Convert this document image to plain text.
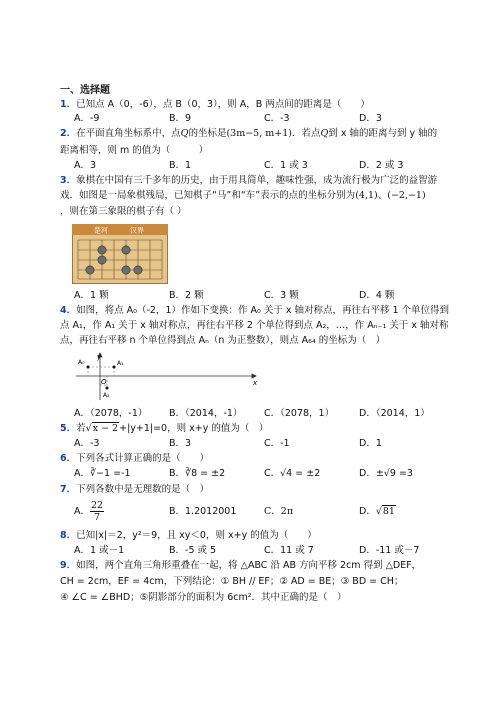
一、选择题
1．已知点 A（0，-6），点 B（0，3），则 A，B 两点间的距离是（　　）
A．-9	B．9	C．-3	D．3
2．在平面直角坐标系中，点Q的坐标是(3m−5, m+1)．若点Q到 x 轴的距离与到 y 轴的
距离相等，则 m 的值为（　　　）
A．3	B．1	C．1 或 3	D．2 或 3
3．象棋在中国有三千多年的历史，由于用具简单，趣味性强，成为流行极为广泛的益智游
戏．如图是一局象棋残局，已知棋子“马”和“车”表示的点的坐标分别为(4,1)、(−2,−1)
，则在第三象限的棋子有（ ）
楚河	汉界
A．1 颗	B．2 颗	C．3 颗	D．4 颗
4．如图，将点 A₀（-2，1）作如下变换：作 A₀ 关于 x 轴对称点，再往右平移 1 个单位得到
点 A₁，作 A₁ 关于 x 轴对称点，再往右平移 2 个单位得到点 A₂，…，作 Aₙ₋₁ 关于 x 轴对称
点，再往右平移 n 个单位得到点 Aₙ（n 为正整数），则点 A₆₄ 的坐标为（　）
y
x
O
A₀	A₁
A₂
A．（2078，-1）	B．（2014，-1）	C．（2078，1）	D．（2014，1）
5．若√x − 2+|y+1|=0，则 x+y 的值为（　）
A．-3	B．3	C．-1	D．1
6．下列各式计算正确的是（　　）
A．∛−1 =-1	B．∛8 = ±2	C．√4 = ±2	D．±√9 =3
7．下列各数中是无理数的是（　）
A． $\frac{22}{7}$	B．1.2012001	C．2π	D．√81
8．已知|x|＝2，y²＝9，且 xy＜0，则 x+y 的值为（　　）
A．1 或－1	B．-5 或 5	C．11 或 7	D．-11 或－7
9．如图，两个直角三角形重叠在一起，将 △ABC 沿 AB 方向平移 2cm 得到 △DEF，
CH = 2cm，EF = 4cm，下列结论：① BH // EF；② AD = BE；③ BD = CH；
④ ∠C = ∠BHD；⑤阴影部分的面积为 6cm²．其中正确的是（　）
